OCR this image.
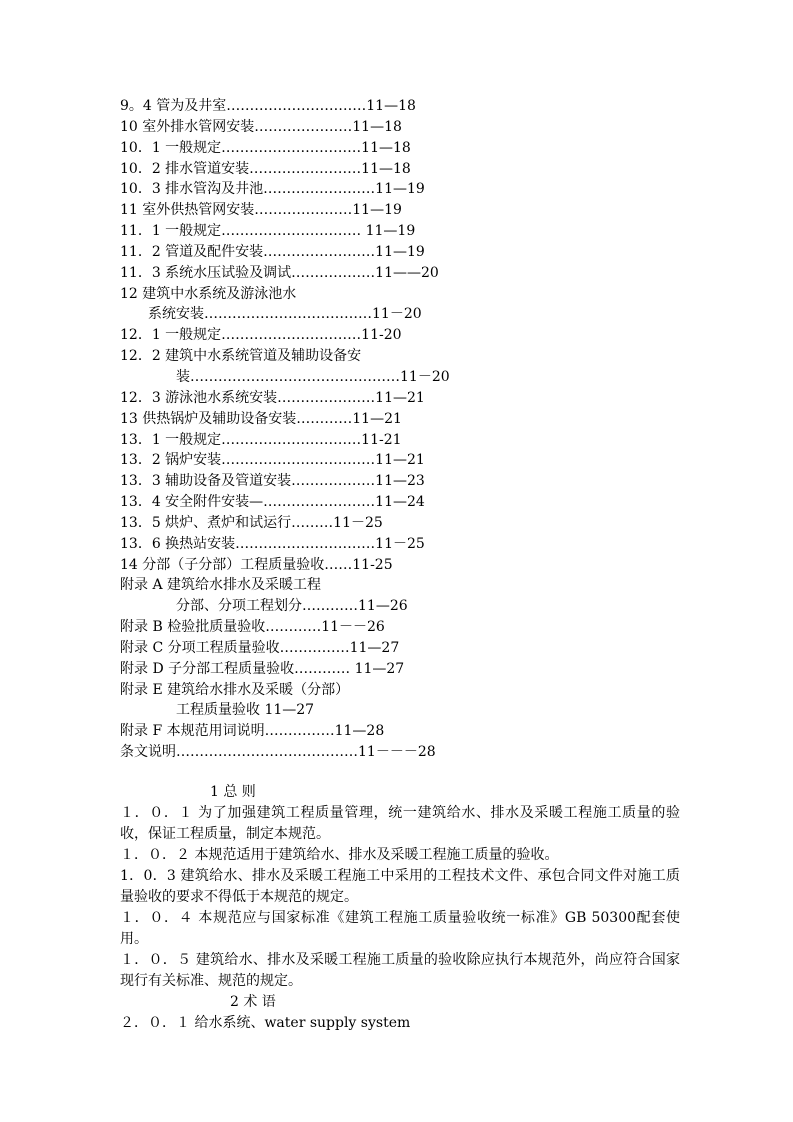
9。4 管为及井室…………………………11—18
10 室外排水管网安装…………………11—18
10．1 一般规定…………………………11—18
10．2 排水管道安装……………………11—18
10．3 排水管沟及井池……………………11—19
11 室外供热管网安装…………………11—19
11．1 一般规定………………………… 11—19
11．2 管道及配件安装……………………11—19
11．3 系统水压试验及调试………………11——20
12 建筑中水系统及游泳池水
系统安装………………………………11－20
12．1 一般规定…………………………11-20
12．2 建筑中水系统管道及辅助设备安
装………………………………………11－20
12．3 游泳池水系统安装…………………11—21
13 供热锅炉及辅助设备安装…………11—21
13．1 一般规定…………………………11-21
13．2 锅炉安装……………………………11—21
13．3 辅助设备及管道安装………………11—23
13．4 安全附件安装—……………………11—24
13．5 烘炉、煮炉和试运行………11－25
13．6 换热站安装…………………………11－25
14 分部（子分部）工程质量验收……11-25
附录 A 建筑给水排水及采暖工程
分部、分项工程划分…………11—26
附录 B 检验批质量验收…………11－－26
附录 C 分项工程质量验收……………11—27
附录 D 子分部工程质量验收………… 11—27
附录 E 建筑给水排水及采暖（分部）
工程质量验收 11—27
附录 F 本规范用词说明……………11—28
条文说明…………………………………11－－－28
1 总 则
１．０．１ 为了加强建筑工程质量管理，统一建筑给水、排水及采暖工程施工质量的验收，保证工程质量，制定本规范。
１．０．２ 本规范适用于建筑给水、排水及采暖工程施工质量的验收。
1．0．3 建筑给水、排水及采暖工程施工中采用的工程技术文件、承包合同文件对施工质量验收的要求不得低于本规范的规定。
１．０．４ 本规范应与国家标准《建筑工程施工质量验收统一标准》GB 50300配套使用。
１．０．５ 建筑给水、排水及采暖工程施工质量的验收除应执行本规范外，尚应符合国家现行有关标准、规范的规定。
2 术 语
２．０．１ 给水系统、water supply system
